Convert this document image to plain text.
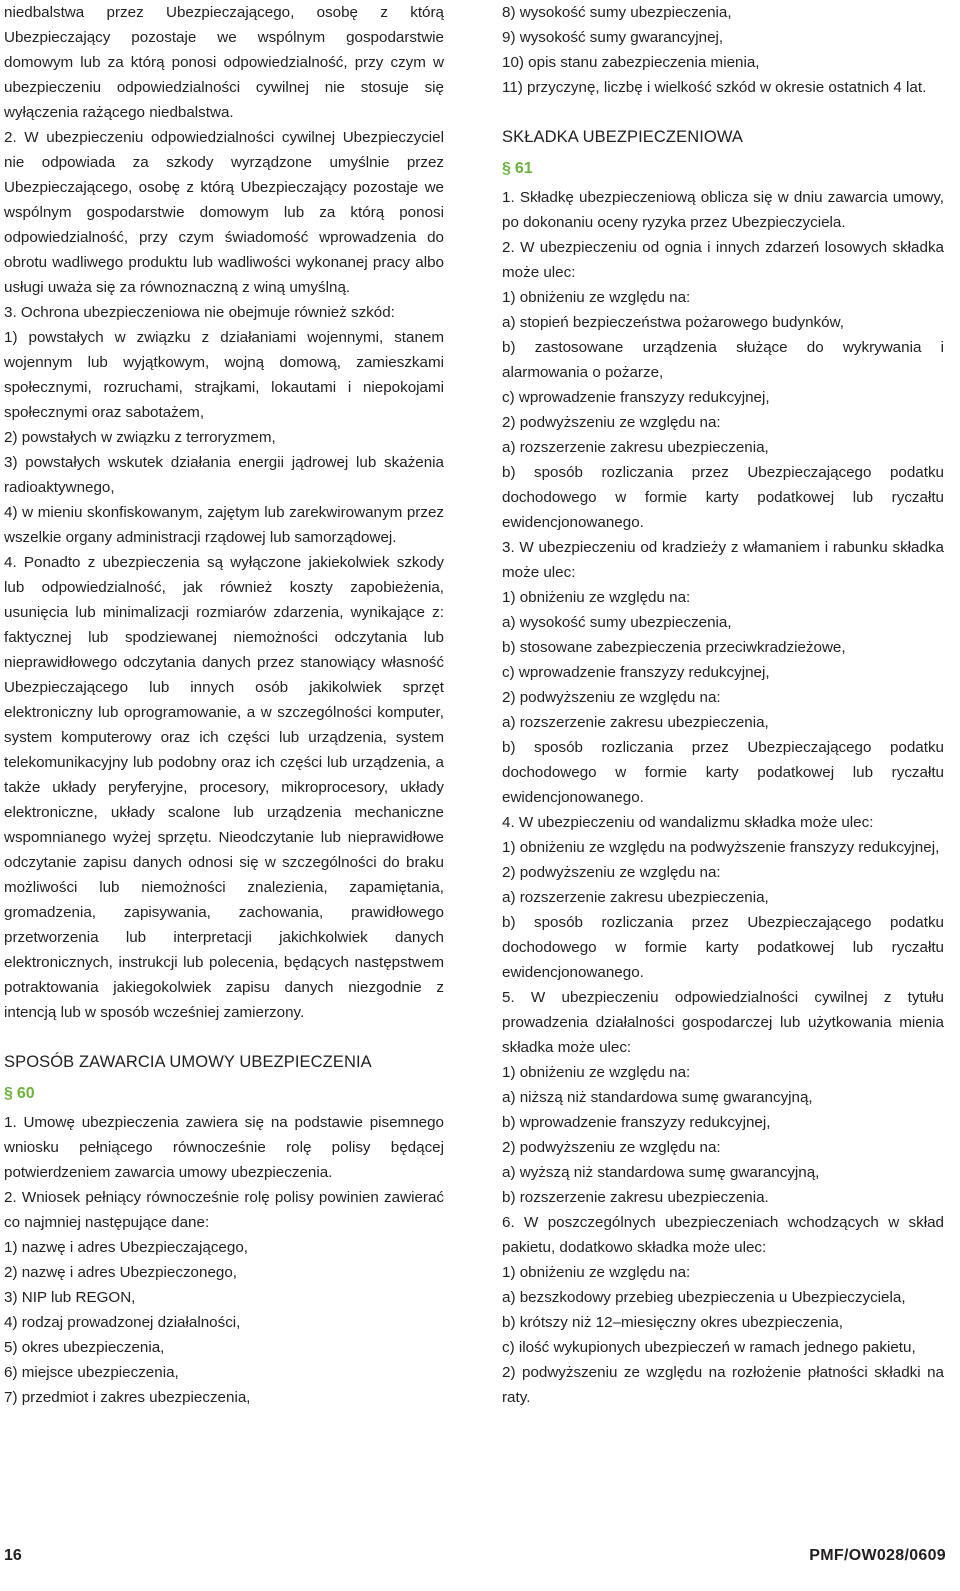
niedbalstwa przez Ubezpieczającego, osobę z którą Ubezpieczający pozostaje we wspólnym gospodarstwie domowym lub za którą ponosi odpowiedzialność, przy czym w ubezpieczeniu odpowiedzialności cywilnej nie stosuje się wyłączenia rażącego niedbalstwa.
2. W ubezpieczeniu odpowiedzialności cywilnej Ubezpieczyciel nie odpowiada za szkody wyrządzone umyślnie przez Ubezpieczającego, osobę z którą Ubezpieczający pozostaje we wspólnym gospodarstwie domowym lub za którą ponosi odpowiedzialność, przy czym świadomość wprowadzenia do obrotu wadliwego produktu lub wadliwości wykonanej pracy albo usługi uważa się za równoznaczną z winą umyślną.
3. Ochrona ubezpieczeniowa nie obejmuje również szkód:
1) powstałych w związku z działaniami wojennymi, stanem wojennym lub wyjątkowym, wojną domową, zamieszkami społecznymi, rozruchami, strajkami, lokautami i niepokojami społecznymi oraz sabotażem,
2) powstałych w związku z terroryzmem,
3) powstałych wskutek działania energii jądrowej lub skażenia radioaktywnego,
4) w mieniu skonfiskowanym, zajętym lub zarekwirowanym przez wszelkie organy administracji rządowej lub samorządowej.
4. Ponadto z ubezpieczenia są wyłączone jakiekolwiek szkody lub odpowiedzialność, jak również koszty zapobieżenia, usunięcia lub minimalizacji rozmiarów zdarzenia, wynikające z: faktycznej lub spodziewanej niemożności odczytania lub nieprawidłowego odczytania danych przez stanowiący własność Ubezpieczającego lub innych osób jakikolwiek sprzęt elektroniczny lub oprogramowanie, a w szczególności komputer, system komputerowy oraz ich części lub urządzenia, system telekomunikacyjny lub podobny oraz ich części lub urządzenia, a także układy peryferyjne, procesory, mikroprocesory, układy elektroniczne, układy scalone lub urządzenia mechaniczne wspomnianego wyżej sprzętu. Nieodczytanie lub nieprawidłowe odczytanie zapisu danych odnosi się w szczególności do braku możliwości lub niemożności znalezienia, zapamiętania, gromadzenia, zapisywania, zachowania, prawidłowego przetworzenia lub interpretacji jakichkolwiek danych elektronicznych, instrukcji lub polecenia, będących następstwem potraktowania jakiegokolwiek zapisu danych niezgodnie z intencją lub w sposób wcześniej zamierzony.
SPOSÓB ZAWARCIA UMOWY UBEZPIECZENIA
§ 60
1. Umowę ubezpieczenia zawiera się na podstawie pisemnego wniosku pełniącego równocześnie rolę polisy będącej potwierdzeniem zawarcia umowy ubezpieczenia.
2. Wniosek pełniący równocześnie rolę polisy powinien zawierać co najmniej następujące dane:
1) nazwę i adres Ubezpieczającego,
2) nazwę i adres Ubezpieczonego,
3) NIP lub REGON,
4) rodzaj prowadzonej działalności,
5) okres ubezpieczenia,
6) miejsce ubezpieczenia,
7) przedmiot i zakres ubezpieczenia,
8) wysokość sumy ubezpieczenia,
9) wysokość sumy gwarancyjnej,
10) opis stanu zabezpieczenia mienia,
11) przyczynę, liczbę i wielkość szkód w okresie ostatnich 4 lat.
SKŁADKA UBEZPIECZENIOWA
§ 61
1. Składkę ubezpieczeniową oblicza się w dniu zawarcia umowy, po dokonaniu oceny ryzyka przez Ubezpieczyciela.
2. W ubezpieczeniu od ognia i innych zdarzeń losowych składka może ulec:
1) obniżeniu ze względu na:
a) stopień bezpieczeństwa pożarowego budynków,
b) zastosowane urządzenia służące do wykrywania i alarmowania o pożarze,
c) wprowadzenie franszyzy redukcyjnej,
2) podwyższeniu ze względu na:
a) rozszerzenie zakresu ubezpieczenia,
b) sposób rozliczania przez Ubezpieczającego podatku dochodowego w formie karty podatkowej lub ryczałtu ewidencjonowanego.
3. W ubezpieczeniu od kradzieży z włamaniem i rabunku składka może ulec:
1) obniżeniu ze względu na:
a) wysokość sumy ubezpieczenia,
b) stosowane zabezpieczenia przeciwkradzieżowe,
c) wprowadzenie franszyzy redukcyjnej,
2) podwyższeniu ze względu na:
a) rozszerzenie zakresu ubezpieczenia,
b) sposób rozliczania przez Ubezpieczającego podatku dochodowego w formie karty podatkowej lub ryczałtu ewidencjonowanego.
4. W ubezpieczeniu od wandalizmu składka może ulec:
1) obniżeniu ze względu na podwyższenie franszyzy redukcyjnej,
2) podwyższeniu ze względu na:
a) rozszerzenie zakresu ubezpieczenia,
b) sposób rozliczania przez Ubezpieczającego podatku dochodowego w formie karty podatkowej lub ryczałtu ewidencjonowanego.
5. W ubezpieczeniu odpowiedzialności cywilnej z tytułu prowadzenia działalności gospodarczej lub użytkowania mienia składka może ulec:
1) obniżeniu ze względu na:
a) niższą niż standardowa sumę gwarancyjną,
b) wprowadzenie franszyzy redukcyjnej,
2) podwyższeniu ze względu na:
a) wyższą niż standardowa sumę gwarancyjną,
b) rozszerzenie zakresu ubezpieczenia.
6. W poszczególnych ubezpieczeniach wchodzących w skład pakietu, dodatkowo składka może ulec:
1) obniżeniu ze względu na:
a) bezszkodowy przebieg ubezpieczenia u Ubezpieczyciela,
b) krótszy niż 12–miesięczny okres ubezpieczenia,
c) ilość wykupionych ubezpieczeń w ramach jednego pakietu,
2) podwyższeniu ze względu na rozłożenie płatności składki na raty.
16	PMF/OW028/0609
